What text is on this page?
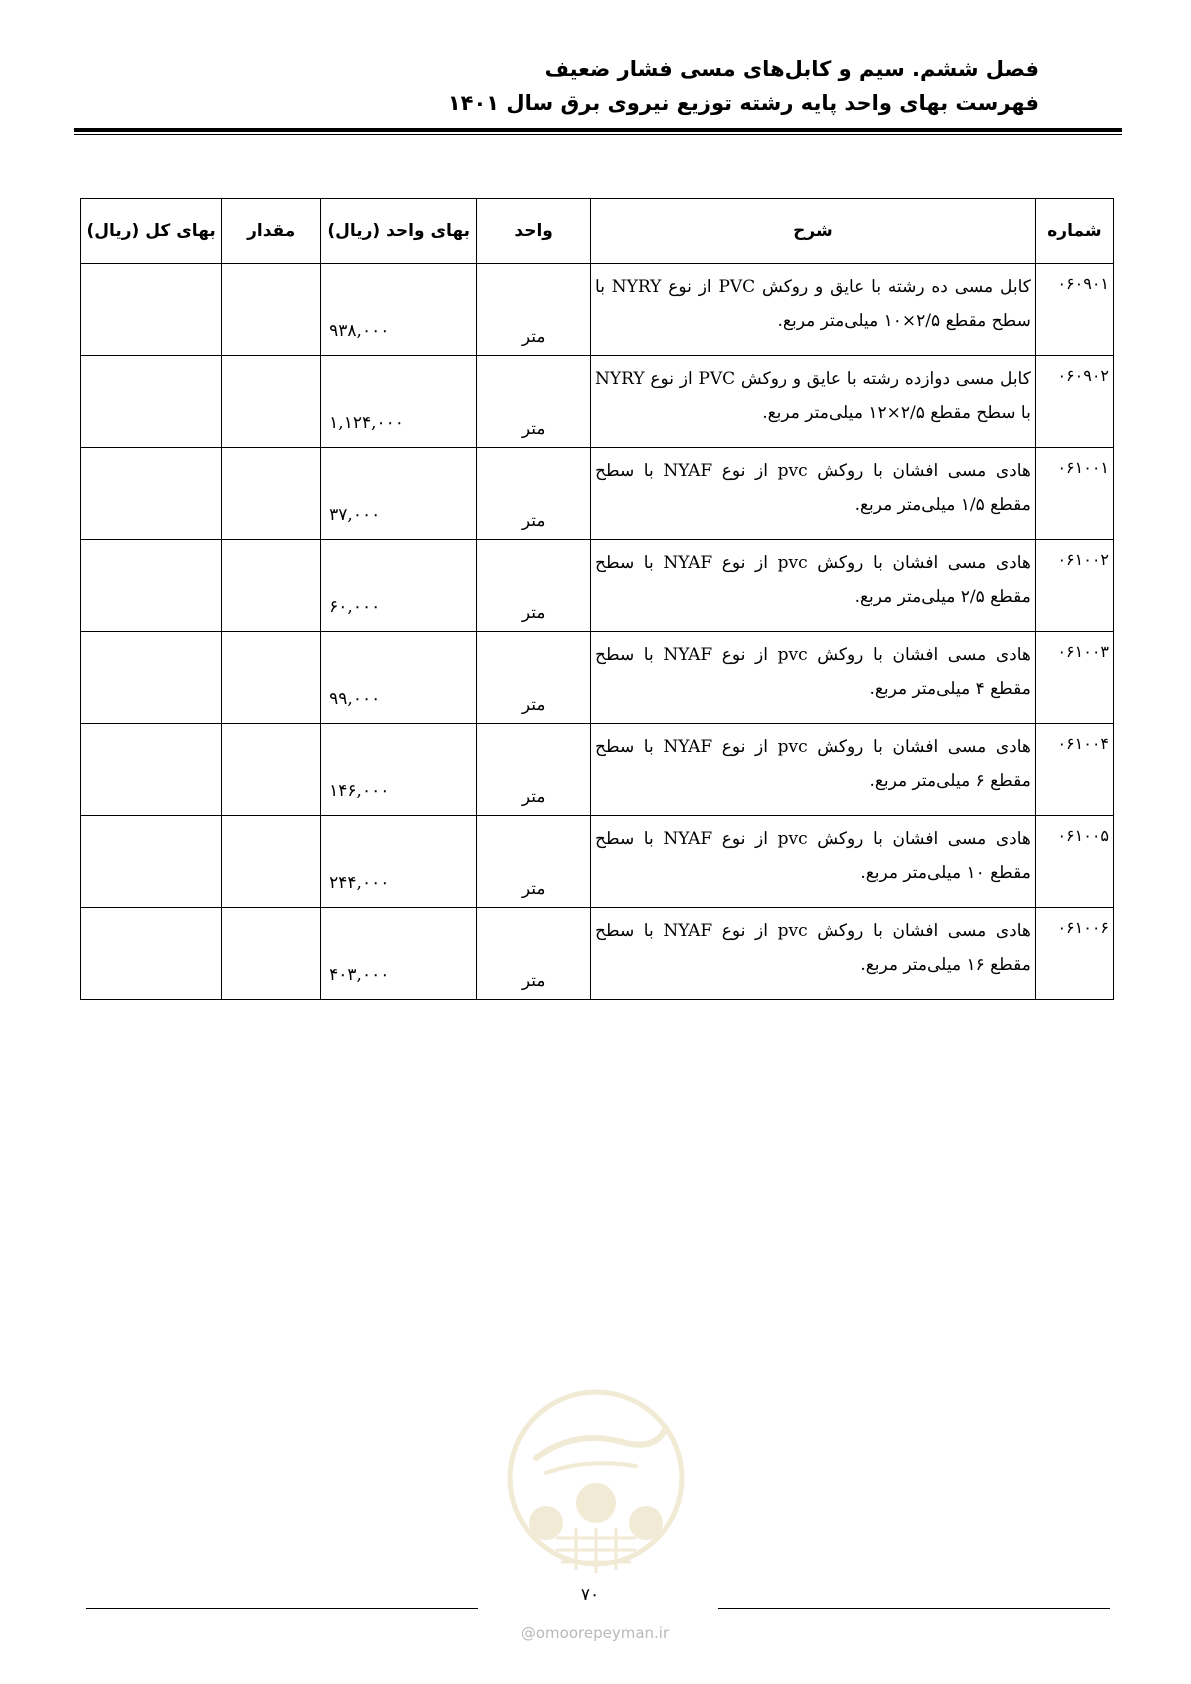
فصل ششم. سیم و کابل‌های مسی فشار ضعیف
فهرست بهای واحد پایه رشته توزیع نیروی برق سال ۱۴۰۱
شماره	شرح	واحد	بهای واحد (ریال)	مقدار	بهای کل (ریال)
۰۶۰۹۰۱	کابل مسی ده رشته با عایق و روکش PVC از نوع NYRY با سطح مقطع ۲/۵×۱۰ میلی‌متر مربع.	متر	۹۳۸,۰۰۰		
۰۶۰۹۰۲	کابل مسی دوازده رشته با عایق و روکش PVC از نوع NYRY با سطح مقطع ۲/۵×۱۲ میلی‌متر مربع.	متر	۱,۱۲۴,۰۰۰		
۰۶۱۰۰۱	هادی مسی افشان با روکش pvc از نوع NYAF با سطح مقطع ۱/۵ میلی‌متر مربع.	متر	۳۷,۰۰۰		
۰۶۱۰۰۲	هادی مسی افشان با روکش pvc از نوع NYAF با سطح مقطع ۲/۵ میلی‌متر مربع.	متر	۶۰,۰۰۰		
۰۶۱۰۰۳	هادی مسی افشان با روکش pvc از نوع NYAF با سطح مقطع ۴ میلی‌متر مربع.	متر	۹۹,۰۰۰		
۰۶۱۰۰۴	هادی مسی افشان با روکش pvc از نوع NYAF با سطح مقطع ۶ میلی‌متر مربع.	متر	۱۴۶,۰۰۰		
۰۶۱۰۰۵	هادی مسی افشان با روکش pvc از نوع NYAF با سطح مقطع ۱۰ میلی‌متر مربع.	متر	۲۴۴,۰۰۰		
۰۶۱۰۰۶	هادی مسی افشان با روکش pvc از نوع NYAF با سطح مقطع ۱۶ میلی‌متر مربع.	متر	۴۰۳,۰۰۰		
۷۰
@omoorepeyman.ir
